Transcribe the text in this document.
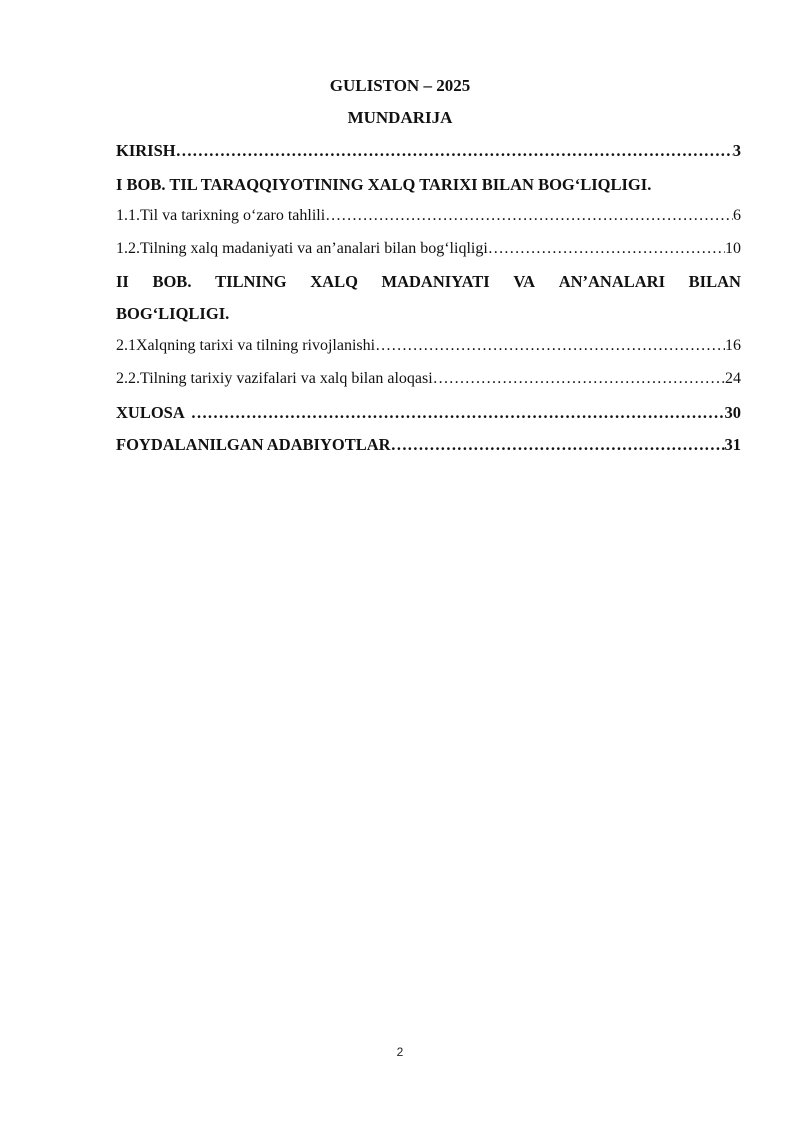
GULISTON – 2025
MUNDARIJA
KIRISH ……………………………………………………………………………………………………………………………………………………………………………………………………………………	3
I BOB. TIL TARAQQIYOTINING XALQ TARIXI BILAN BOG‘LIQLIGI.
1.1. Til va tarixning o‘zaro tahlili ……………………………………………………………………………………………………………………………………………………………………………………………………………………	6
1.2. Tilning xalq madaniyati va an’analari bilan bog‘liqligi ……………………………………………………………………………………………………………………………………………………………………………………………………………………	10
II BOB. TILNING XALQ MADANIYATI VA AN’ANALARI BILAN
BOG‘LIQLIGI.
2.1 Xalqning tarixi va tilning rivojlanishi ……………………………………………………………………………………………………………………………………………………………………………………………………………………	16
2.2. Tilning tarixiy vazifalari va xalq bilan aloqasi ……………………………………………………………………………………………………………………………………………………………………………………………………………………	24
XULOSA ……………………………………………………………………………………………………………………………………………………………………………………………………………………	30
FOYDALANILGAN ADABIYOTLAR ……………………………………………………………………………………………………………………………………………………………………………………………………………………	31
2
